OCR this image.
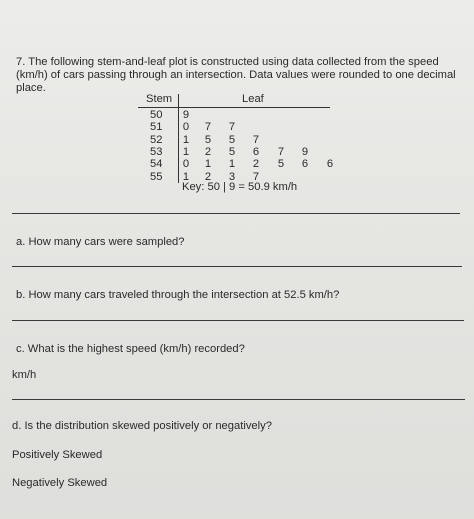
7. The following stem-and-leaf plot is constructed using data collected from the speed (km/h) of cars passing through an intersection. Data values were rounded to one decimal place.
Stem	Leaf
50	9
51	0 7 7
52	1 5 5 7
53	1 2 5 6 7 9
54	0 1 1 2 5 6 6
55	1 2 3 7
Key: 50 | 9 = 50.9 km/h
a. How many cars were sampled?
b. How many cars traveled through the intersection at 52.5 km/h?
c. What is the highest speed (km/h) recorded?
km/h
d. Is the distribution skewed positively or negatively?
Positively Skewed
Negatively Skewed
